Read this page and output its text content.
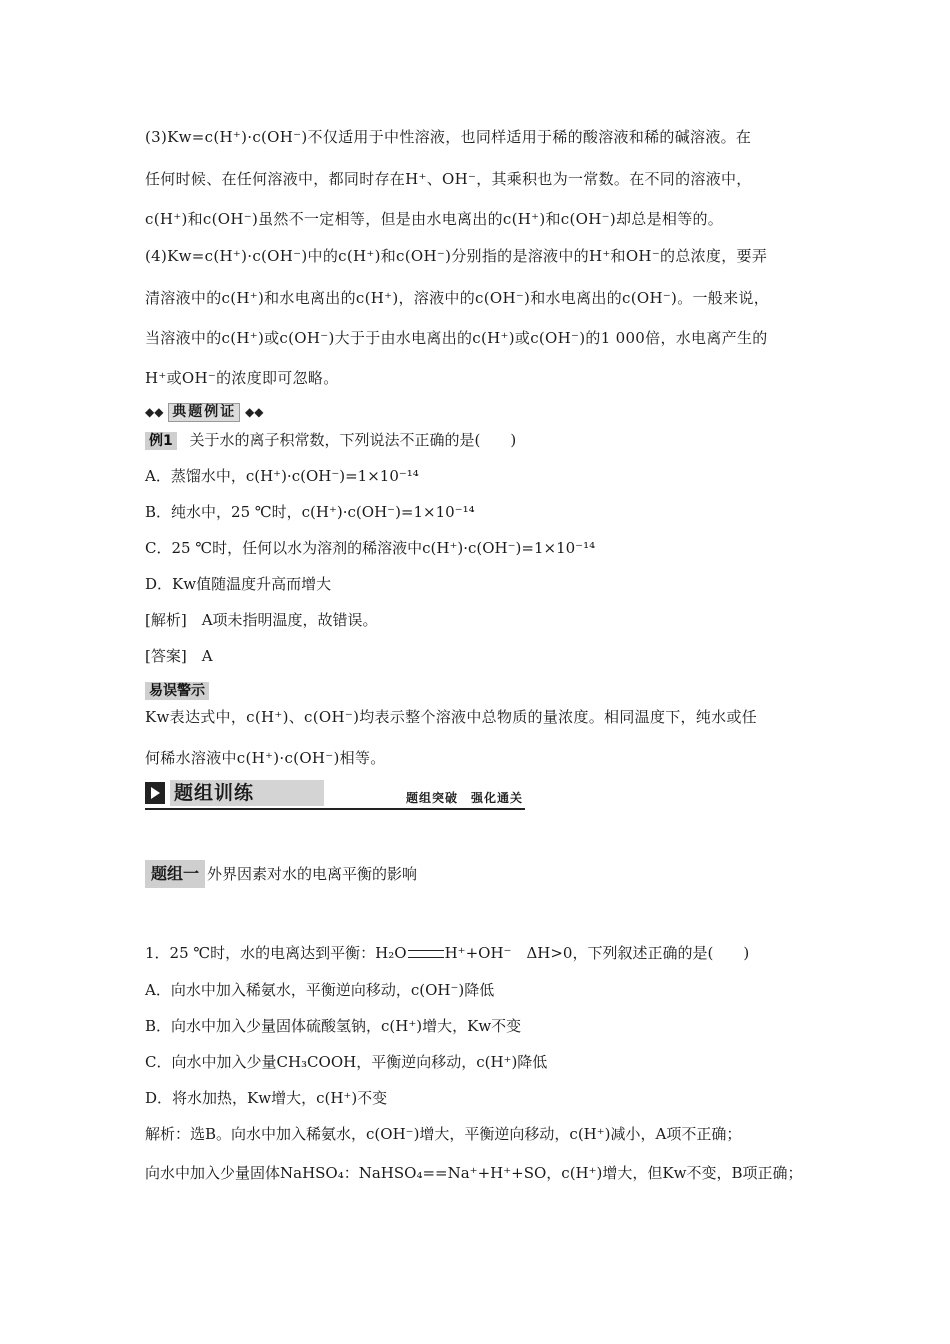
(3)Kw=c(H⁺)·c(OH⁻)不仅适用于中性溶液，也同样适用于稀的酸溶液和稀的碱溶液。在
任何时候、在任何溶液中，都同时存在H⁺、OH⁻，其乘积也为一常数。在不同的溶液中，
c(H⁺)和c(OH⁻)虽然不一定相等，但是由水电离出的c(H⁺)和c(OH⁻)却总是相等的。
(4)Kw=c(H⁺)·c(OH⁻)中的c(H⁺)和c(OH⁻)分别指的是溶液中的H⁺和OH⁻的总浓度，要弄
清溶液中的c(H⁺)和水电离出的c(H⁺)，溶液中的c(OH⁻)和水电离出的c(OH⁻)。一般来说，
当溶液中的c(H⁺)或c(OH⁻)大于于由水电离出的c(H⁺)或c(OH⁻)的1 000倍，水电离产生的
H⁺或OH⁻的浓度即可忽略。
◆◆ 典题例证 ◆◆
例1 关于水的离子积常数，下列说法不正确的是(　　)
A．蒸馏水中，c(H⁺)·c(OH⁻)=1×10⁻¹⁴
B．纯水中，25 ℃时，c(H⁺)·c(OH⁻)=1×10⁻¹⁴
C．25 ℃时，任何以水为溶剂的稀溶液中c(H⁺)·c(OH⁻)=1×10⁻¹⁴
D．Kw值随温度升高而增大
[解析]　A项未指明温度，故错误。
[答案]　A
易误警示
Kw表达式中，c(H⁺)、c(OH⁻)均表示整个溶液中总物质的量浓度。相同温度下，纯水或任
何稀水溶液中c(H⁺)·c(OH⁻)相等。
题组训练	题组突破　强化通关
题组一 外界因素对水的电离平衡的影响
1．25 ℃时，水的电离达到平衡：H₂O	H⁺+OH⁻　ΔH>0，下列叙述正确的是(　　)
A．向水中加入稀氨水，平衡逆向移动，c(OH⁻)降低
B．向水中加入少量固体硫酸氢钠，c(H⁺)增大，Kw不变
C．向水中加入少量CH₃COOH，平衡逆向移动，c(H⁺)降低
D．将水加热，Kw增大，c(H⁺)不变
解析：选B。向水中加入稀氨水，c(OH⁻)增大，平衡逆向移动，c(H⁺)减小，A项不正确；
向水中加入少量固体NaHSO₄：NaHSO₄==Na⁺+H⁺+SO，c(H⁺)增大，但Kw不变，B项正确；
